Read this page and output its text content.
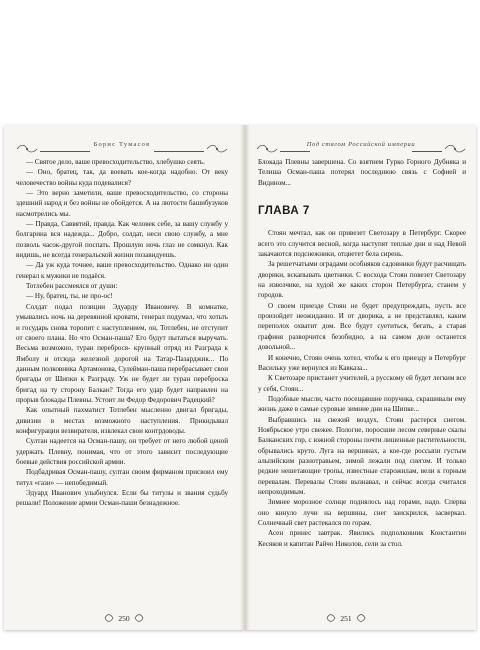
Борис Тумасов

— Святое дело, ваше превосходительство, хлебушко сеять.

— Оно, братец, так, да воевать кое-когда надобно. От веку человечество войны куда подевалися?

— Это верно заметили, ваше превосходительство, со стороны здешний народ и без войны не обойдется. А на лютости башибузуков насмотрелись мы.

— Правда, Саввятий, правда. Как человек себе, за вашу службу у болгарина вся надежда... Добро, солдат, неси свою службу, а мне позволь часок-другой поспать. Прошлую ночь глаз не сомкнул. Как видишь, не всегда генеральской жизни позавидуешь.

— Да уж куда точнее, ваше превосходительство. Однако ни один генерал к мужики не подаёся.

Тотлебен рассмеялся от души:

— Ну, братец, ты, не про-ос!

Солдат подал позиции Эдуарду Ивановичу. В комнатке, умывались ночь на деревянной кровати, генерал подумал, что хотьть и государь снова торопит с наступлением, он, Тотлебен, не отступит от своего плана. Но что Осман-паша? Его будут пытаться выручать. Весьма возможно, туран переброся- крупный отряд из Разграда к Ямболу и отсюда железной дорогой на Татар-Пазарджик... По данным полковника Артамонова, Сулейман-паша перебрасывает свои бригады от Шипки к Разграду. Уж не будет ли туран переброска бригад на ту сторону Балкан? Тогда его удар будет направлен на прорыв блокады Плевны. Устоит ли Федор Федорович Радецкий?

Как опытный пахматист Тотлебен мысленно двигал бригады, дивизии в местах возможного наступления. Прикидывал конфигурации везвирателя, извлекал свои контрдоводы.

Султан надеется на Осман-пашу, он требует от него любой ценой удержать Плевну, понимая, что от этого зависит последующие боевые действия российской армии.

Подбадривая Осман-пашу, султан своим фирманом присвоил ему титул «гази» — непобедимый.

Эдуард Иванович улыбнулся. Если бы титулы и звания судьбу решали! Положение армии Осман-паши безнадежное.

250
Под стягом Российской империи

Блокада Плевны завершена. Со взятием Гурко Горного Дубняка и Телиша Осман-паша потерял последнюю связь с Софией и Видином...

ГЛАВА 7

Стоян мечтал, как он привезет Светозару в Петербург. Скорее всего это случится весной, когда наступят теплые дни и над Невой закачаются подснежники, отцветет бела сирень.

За решетчатыми оградами особняков садовники будут расчищать дворики, вскапывать цветники. С восхода Стоян повезет Светозару на извозчике, на худой же каких сторон Петербурга, станем у городов.

О своем приезде Стоян не будет предупреждать, пусть все произойдет неожиданно. И от дворика, а не представлял, каким переполох охватит дом. Все будут суетиться, бегать, а старая графиня разворчится безобидно, а на самом деле останется довольной...

И конечно, Стоян очень хотел, чтобы к его приезду в Петербург Васильку уже вернулся из Кавказа...

К Светозаре пристанет учителей, а русскому ей будет легким все у себя, Стоян...

Подобные мысли, часто посещавшие поручика, скрашивали ему жизнь даже в самые суровые зимние дни на Шипке...

Выбравшись на свежий воздух, Стоян растерся снегом. Ноябрьское утро свежее. Пологие, поросшие лесом северные скалы Балканских гор, с южной стороны почти лишенные растительности, обрывались круто. Луга на вершинах, а кое-где россыпи густым альпийским разнотравьем, зимой лежали под снегом. И только редкие нешетающие тропы, известные старожилам, вели к горным перевалам. Перевалы Стоян вызнавал, и сейчас всегда считался непроходимым.

Зимнее морозное солнце поднялось над горами, надо. Сперва оно кинуло лучи на вершины, снег заискрился, засверкал. Солнечный свет растекался по горам.

Асен принес завтрак. Явились подполковник Константин Кесяков и капитан Райчо Николов, сели за стол.

251
